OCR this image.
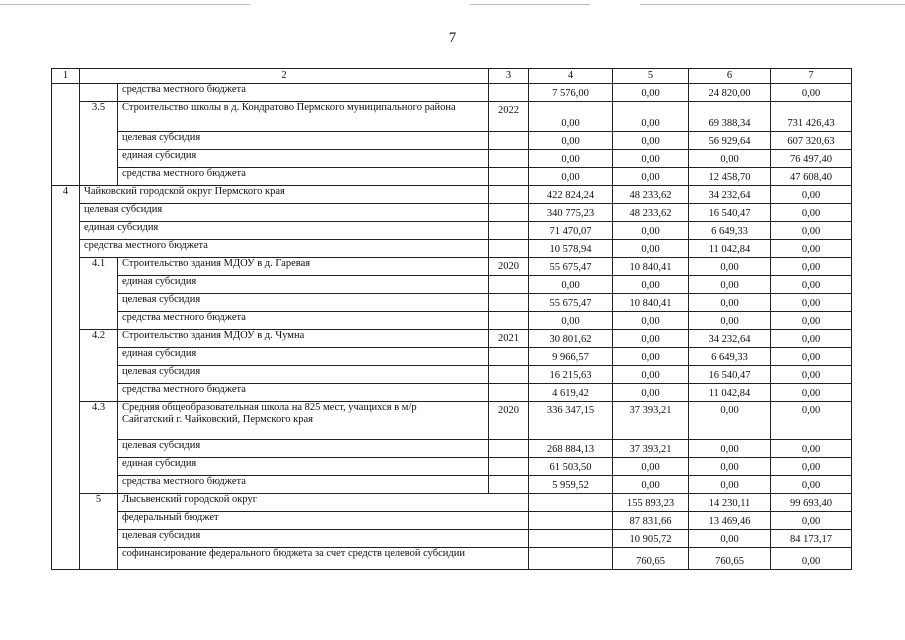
7
1	2		3	4	5	6	7	
		средства местного бюджета		7 576,00	0,00	24 820,00	0,00	
	3.5	Строительство школы в д. Кондратово Пермского муниципального района	2022	0,00	0,00	69 388,34	731 426,43	
		целевая субсидия		0,00	0,00	56 929,64	607 320,63	
		единая субсидия		0,00	0,00	0,00	76 497,40	
		средства местного бюджета		0,00	0,00	12 458,70	47 608,40	
4	Чайковский городской округ Пермского края			422 824,24	48 233,62	34 232,64	0,00	
	целевая субсидия			340 775,23	48 233,62	16 540,47	0,00	
	единая субсидия			71 470,07	0,00	6 649,33	0,00	
	средства местного бюджета			10 578,94	0,00	11 042,84	0,00	
	4.1	Строительство здания МДОУ в д. Гаревая	2020	55 675,47	10 840,41	0,00	0,00	
		единая субсидия		0,00	0,00	0,00	0,00	
		целевая субсидия		55 675,47	10 840,41	0,00	0,00	
		средства местного бюджета		0,00	0,00	0,00	0,00	
	4.2	Строительство здания МДОУ в д. Чумна	2021	30 801,62	0,00	34 232,64	0,00	
		единая субсидия		9 966,57	0,00	6 649,33	0,00	
		целевая субсидия		16 215,63	0,00	16 540,47	0,00	
		средства местного бюджета		4 619,42	0,00	11 042,84	0,00	
	4.3	Средняя общеобразовательная школа на 825 мест, учащихся в м/р Сайгатский г. Чайковский, Пермского края	2020	336 347,15	37 393,21	0,00	0,00	
		целевая субсидия		268 884,13	37 393,21	0,00	0,00	
		единая субсидия		61 503,50	0,00	0,00	0,00	
		средства местного бюджета		5 959,52	0,00	0,00	0,00	
	5	Лысьвенский городской округ			155 893,23	14 230,11	99 693,40	
		федеральный бюджет			87 831,66	13 469,46	0,00	
		целевая субсидия			10 905,72	0,00	84 173,17	
		софинансирование федерального бюджета за счет средств целевой субсидии			760,65	760,65	0,00	
